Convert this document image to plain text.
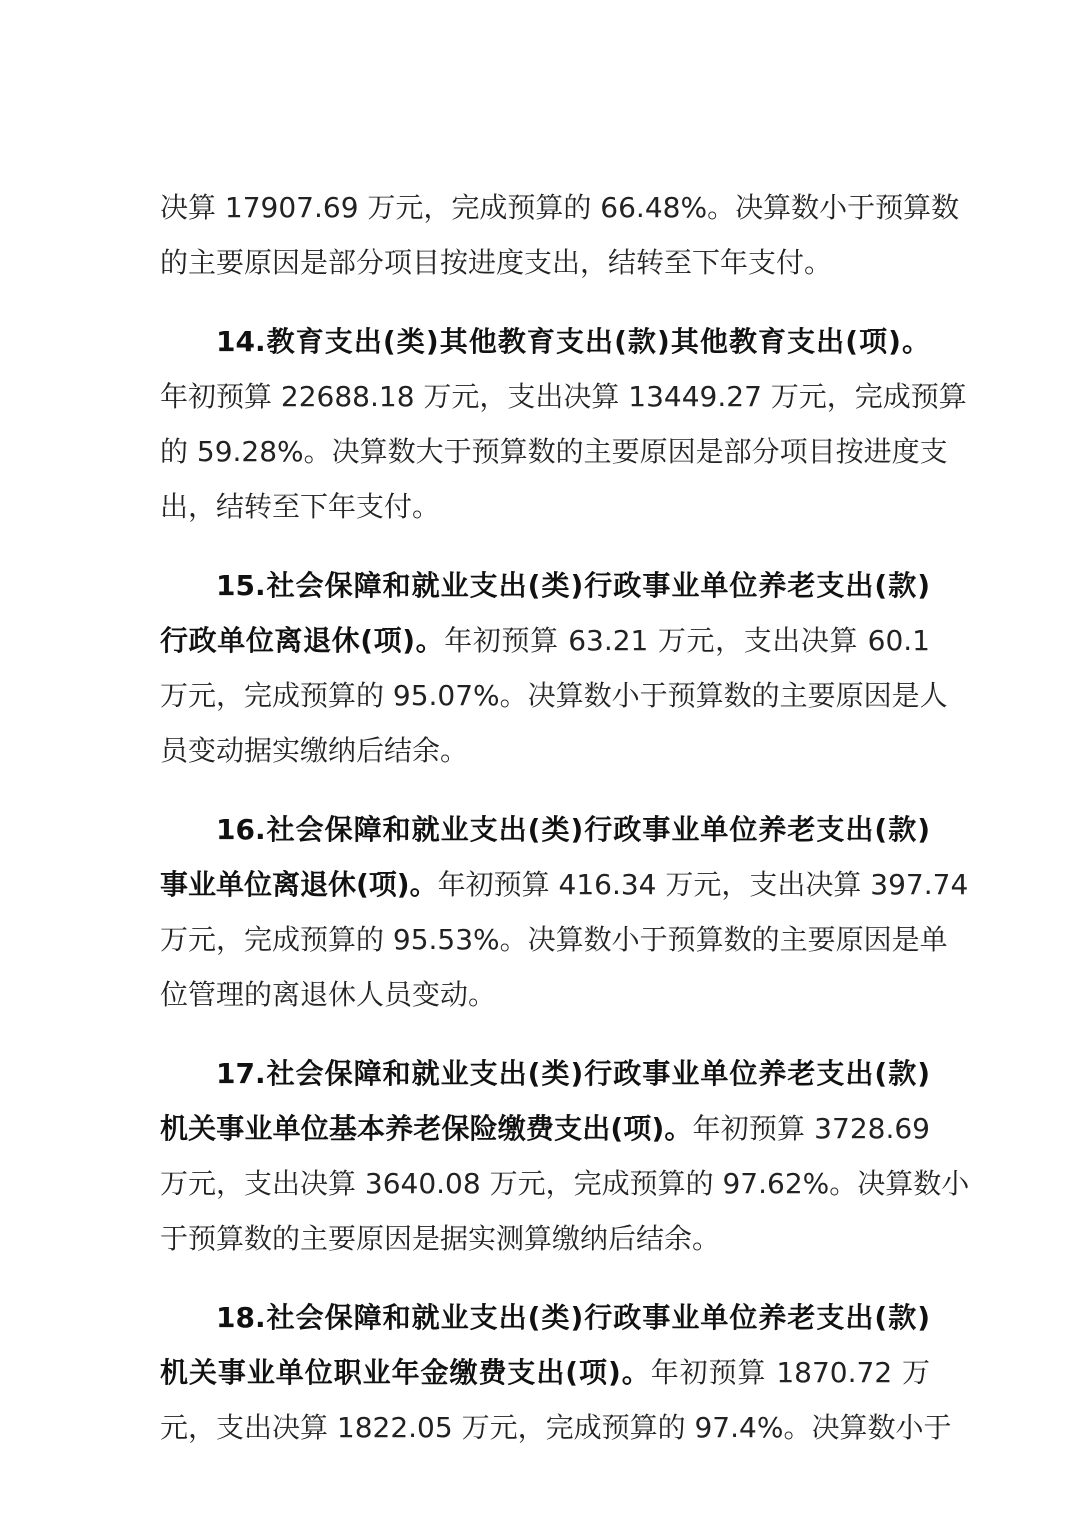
决算 17907.69 万元，完成预算的 66.48%。决算数小于预算数
的主要原因是部分项目按进度支出，结转至下年支付。
14.教育支出(类)其他教育支出(款)其他教育支出(项)。
年初预算 22688.18 万元，支出决算 13449.27 万元，完成预算
的 59.28%。决算数大于预算数的主要原因是部分项目按进度支
出，结转至下年支付。
15.社会保障和就业支出(类)行政事业单位养老支出(款)
行政单位离退休(项)。年初预算 63.21 万元，支出决算 60.1
万元，完成预算的 95.07%。决算数小于预算数的主要原因是人
员变动据实缴纳后结余。
16.社会保障和就业支出(类)行政事业单位养老支出(款)
事业单位离退休(项)。年初预算 416.34 万元，支出决算 397.74
万元，完成预算的 95.53%。决算数小于预算数的主要原因是单
位管理的离退休人员变动。
17.社会保障和就业支出(类)行政事业单位养老支出(款)
机关事业单位基本养老保险缴费支出(项)。年初预算 3728.69
万元，支出决算 3640.08 万元，完成预算的 97.62%。决算数小
于预算数的主要原因是据实测算缴纳后结余。
18.社会保障和就业支出(类)行政事业单位养老支出(款)
机关事业单位职业年金缴费支出(项)。年初预算 1870.72 万
元，支出决算 1822.05 万元，完成预算的 97.4%。决算数小于
